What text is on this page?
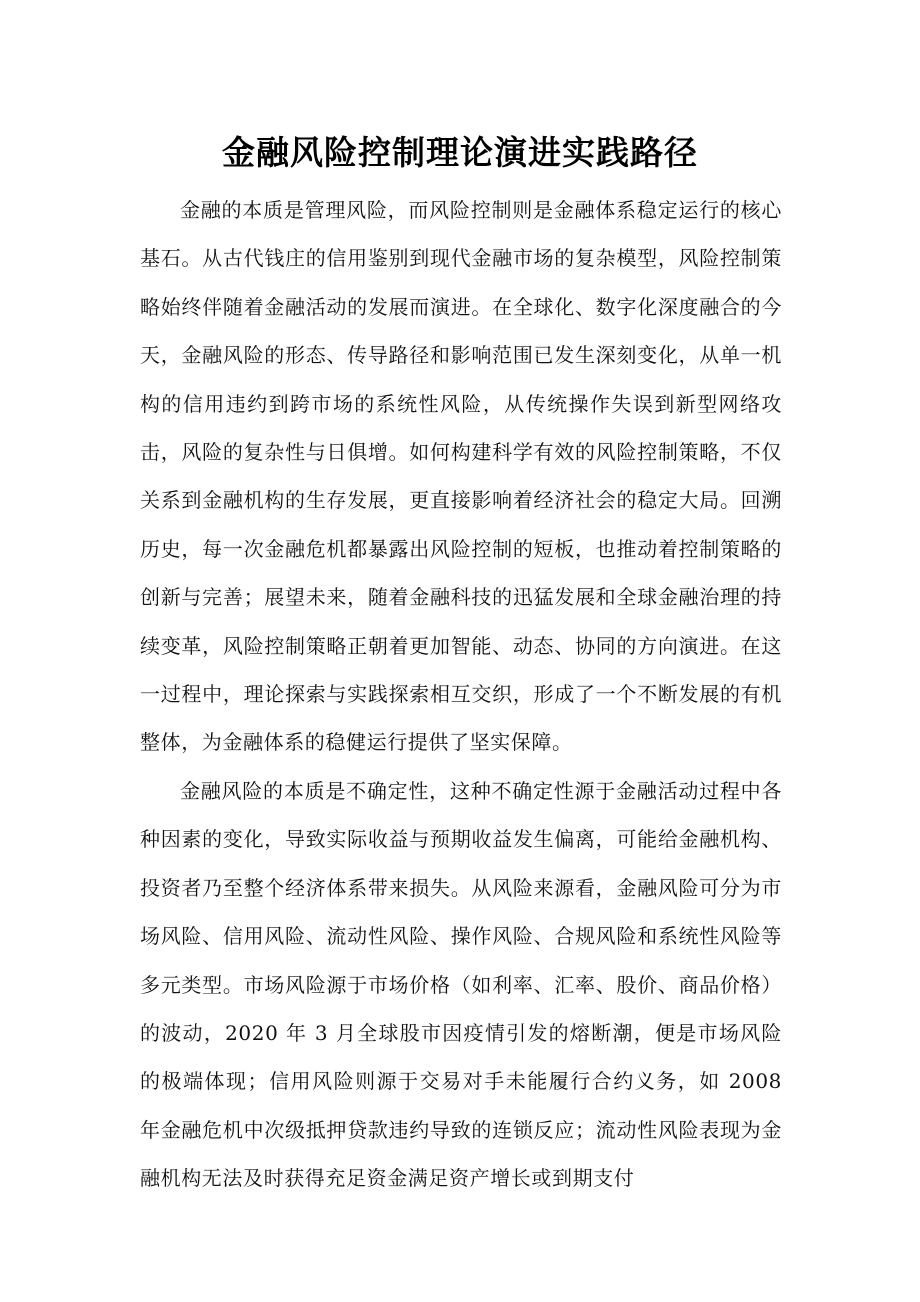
金融风险控制理论演进实践路径

金融的本质是管理风险，而风险控制则是金融体系稳定运行的核心基石。从古代钱庄的信用鉴别到现代金融市场的复杂模型，风险控制策略始终伴随着金融活动的发展而演进。在全球化、数字化深度融合的今天，金融风险的形态、传导路径和影响范围已发生深刻变化，从单一机构的信用违约到跨市场的系统性风险，从传统操作失误到新型网络攻击，风险的复杂性与日俱增。如何构建科学有效的风险控制策略，不仅关系到金融机构的生存发展，更直接影响着经济社会的稳定大局。回溯历史，每一次金融危机都暴露出风险控制的短板，也推动着控制策略的创新与完善；展望未来，随着金融科技的迅猛发展和全球金融治理的持续变革，风险控制策略正朝着更加智能、动态、协同的方向演进。在这一过程中，理论探索与实践探索相互交织，形成了一个不断发展的有机整体，为金融体系的稳健运行提供了坚实保障。

金融风险的本质是不确定性，这种不确定性源于金融活动过程中各种因素的变化，导致实际收益与预期收益发生偏离，可能给金融机构、投资者乃至整个经济体系带来损失。从风险来源看，金融风险可分为市场风险、信用风险、流动性风险、操作风险、合规风险和系统性风险等多元类型。市场风险源于市场价格（如利率、汇率、股价、商品价格）的波动，2020 年 3 月全球股市因疫情引发的熔断潮，便是市场风险的极端体现；信用风险则源于交易对手未能履行合约义务，如 2008 年金融危机中次级抵押贷款违约导致的连锁反应；流动性风险表现为金融机构无法及时获得充足资金满足资产增长或到期支付
